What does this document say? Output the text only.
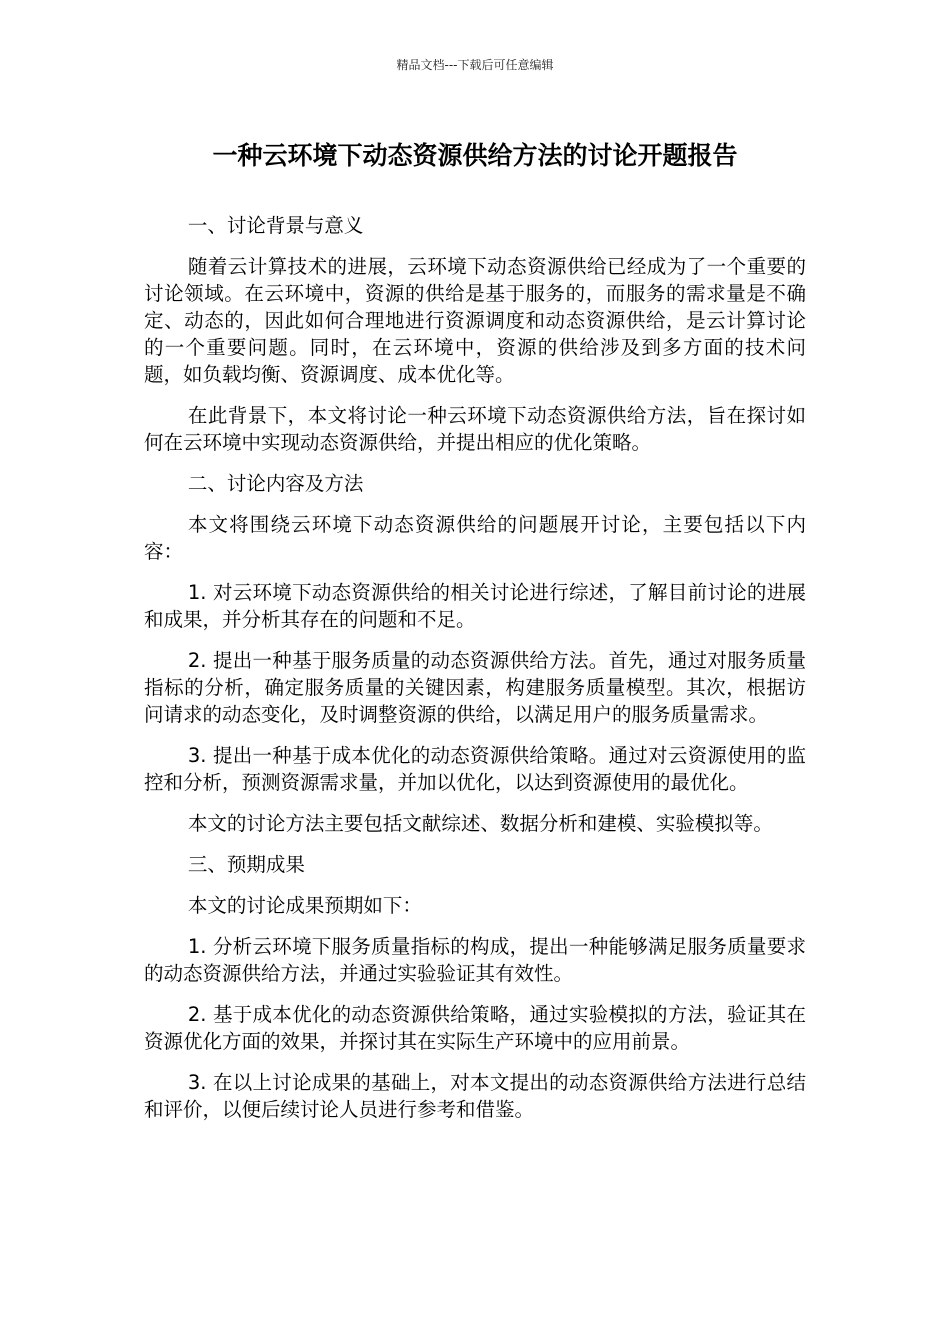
精品文档---下载后可任意编辑
一种云环境下动态资源供给方法的讨论开题报告

一、讨论背景与意义

随着云计算技术的进展，云环境下动态资源供给已经成为了一个重要的讨论领域。在云环境中，资源的供给是基于服务的，而服务的需求量是不确定、动态的，因此如何合理地进行资源调度和动态资源供给，是云计算讨论的一个重要问题。同时，在云环境中，资源的供给涉及到多方面的技术问题，如负载均衡、资源调度、成本优化等。

在此背景下，本文将讨论一种云环境下动态资源供给方法，旨在探讨如何在云环境中实现动态资源供给，并提出相应的优化策略。

二、讨论内容及方法

本文将围绕云环境下动态资源供给的问题展开讨论，主要包括以下内容：

1. 对云环境下动态资源供给的相关讨论进行综述，了解目前讨论的进展和成果，并分析其存在的问题和不足。

2. 提出一种基于服务质量的动态资源供给方法。首先，通过对服务质量指标的分析，确定服务质量的关键因素，构建服务质量模型。其次，根据访问请求的动态变化，及时调整资源的供给，以满足用户的服务质量需求。

3. 提出一种基于成本优化的动态资源供给策略。通过对云资源使用的监控和分析，预测资源需求量，并加以优化，以达到资源使用的最优化。

本文的讨论方法主要包括文献综述、数据分析和建模、实验模拟等。

三、预期成果

本文的讨论成果预期如下：

1. 分析云环境下服务质量指标的构成，提出一种能够满足服务质量要求的动态资源供给方法，并通过实验验证其有效性。

2. 基于成本优化的动态资源供给策略，通过实验模拟的方法，验证其在资源优化方面的效果，并探讨其在实际生产环境中的应用前景。

3. 在以上讨论成果的基础上，对本文提出的动态资源供给方法进行总结和评价，以便后续讨论人员进行参考和借鉴。
